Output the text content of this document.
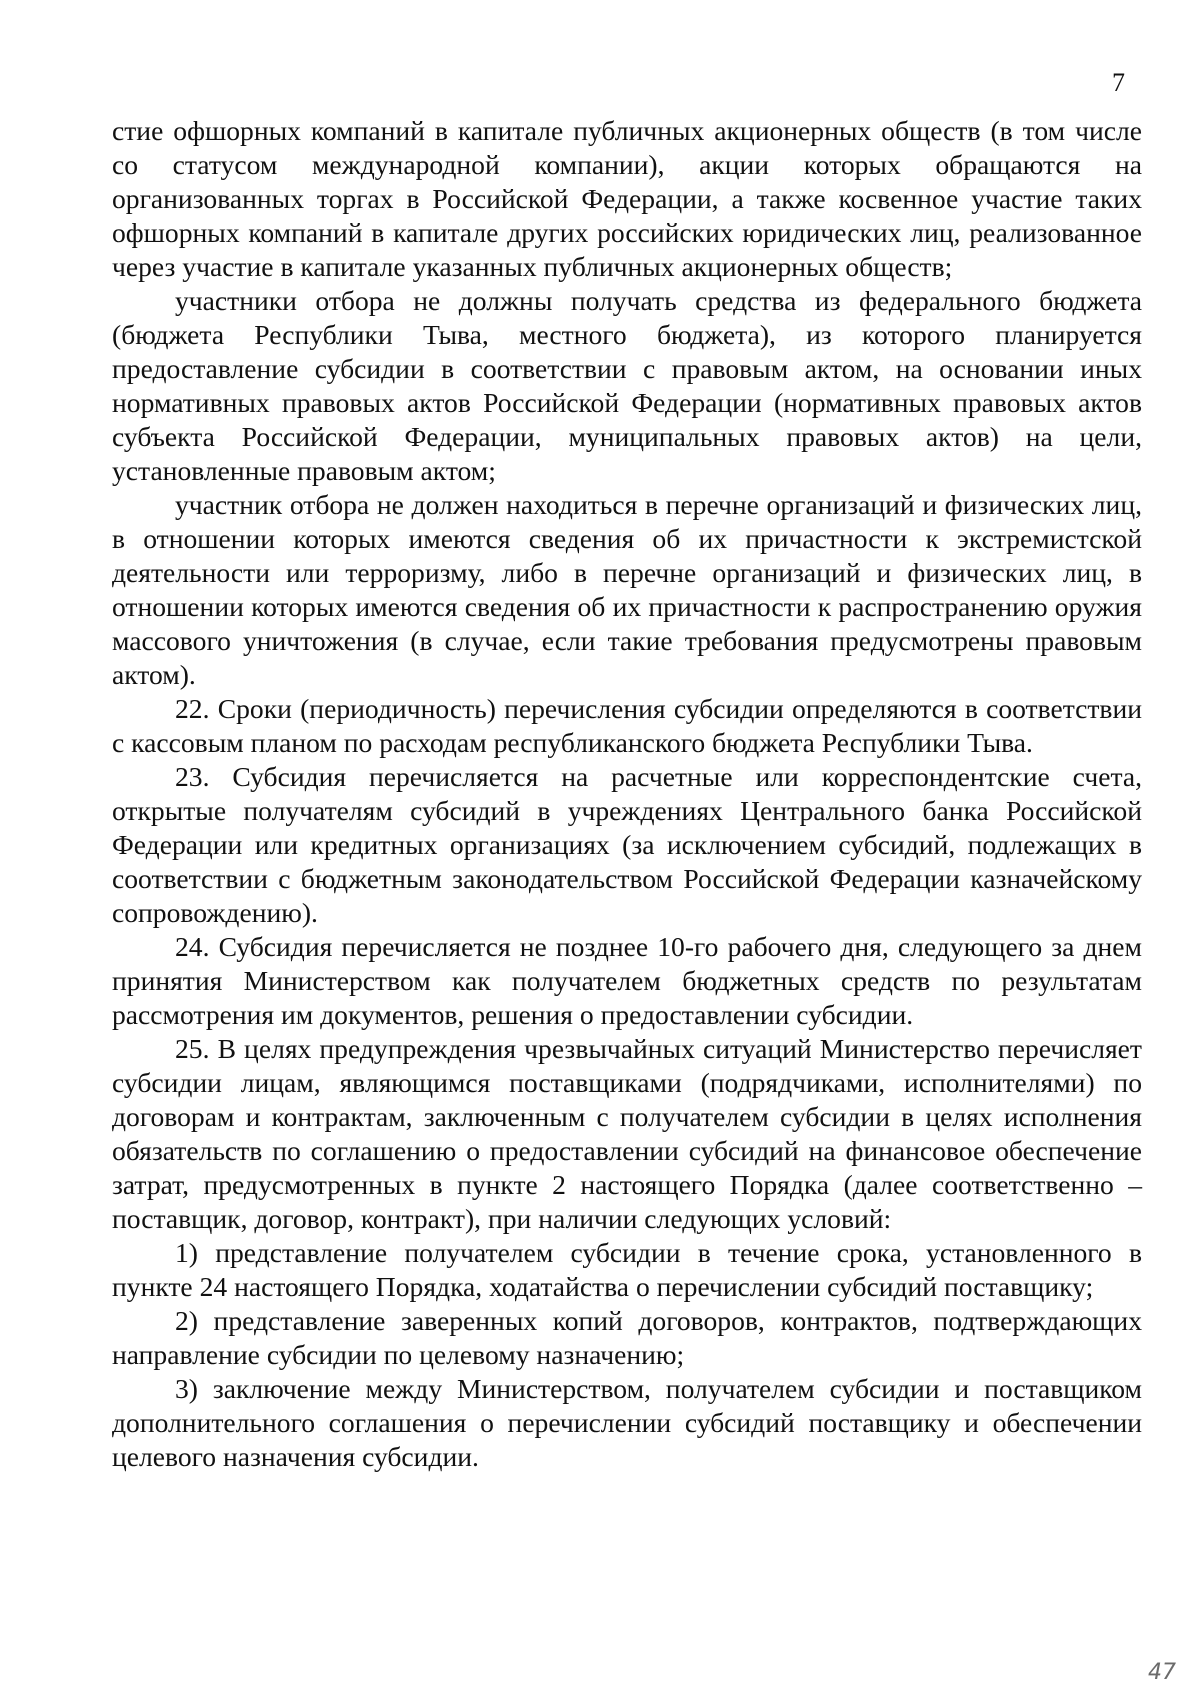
7

стие офшорных компаний в капитале публичных акционерных обществ (в том числе со статусом международной компании), акции которых обращаются на организованных торгах в Российской Федерации, а также косвенное участие таких офшорных компаний в капитале других российских юридических лиц, реализованное через участие в капитале указанных публичных акционерных обществ;

участники отбора не должны получать средства из федерального бюджета (бюджета Республики Тыва, местного бюджета), из которого планируется предоставление субсидии в соответствии с правовым актом, на основании иных нормативных правовых актов Российской Федерации (нормативных правовых актов субъекта Российской Федерации, муниципальных правовых актов) на цели, установленные правовым актом;

участник отбора не должен находиться в перечне организаций и физических лиц, в отношении которых имеются сведения об их причастности к экстремистской деятельности или терроризму, либо в перечне организаций и физических лиц, в отношении которых имеются сведения об их причастности к распространению оружия массового уничтожения (в случае, если такие требования предусмотрены правовым актом).

22. Сроки (периодичность) перечисления субсидии определяются в соответствии с кассовым планом по расходам республиканского бюджета Республики Тыва.

23. Субсидия перечисляется на расчетные или корреспондентские счета, открытые получателям субсидий в учреждениях Центрального банка Российской Федерации или кредитных организациях (за исключением субсидий, подлежащих в соответствии с бюджетным законодательством Российской Федерации казначейскому сопровождению).

24. Субсидия перечисляется не позднее 10-го рабочего дня, следующего за днем принятия Министерством как получателем бюджетных средств по результатам рассмотрения им документов, решения о предоставлении субсидии.

25. В целях предупреждения чрезвычайных ситуаций Министерство перечисляет субсидии лицам, являющимся поставщиками (подрядчиками, исполнителями) по договорам и контрактам, заключенным с получателем субсидии в целях исполнения обязательств по соглашению о предоставлении субсидий на финансовое обеспечение затрат, предусмотренных в пункте 2 настоящего Порядка (далее соответственно – поставщик, договор, контракт), при наличии следующих условий:

1) представление получателем субсидии в течение срока, установленного в пункте 24 настоящего Порядка, ходатайства о перечислении субсидий поставщику;

2) представление заверенных копий договоров, контрактов, подтверждающих направление субсидии по целевому назначению;

3) заключение между Министерством, получателем субсидии и поставщиком дополнительного соглашения о перечислении субсидий поставщику и обеспечении целевого назначения субсидии.

47
